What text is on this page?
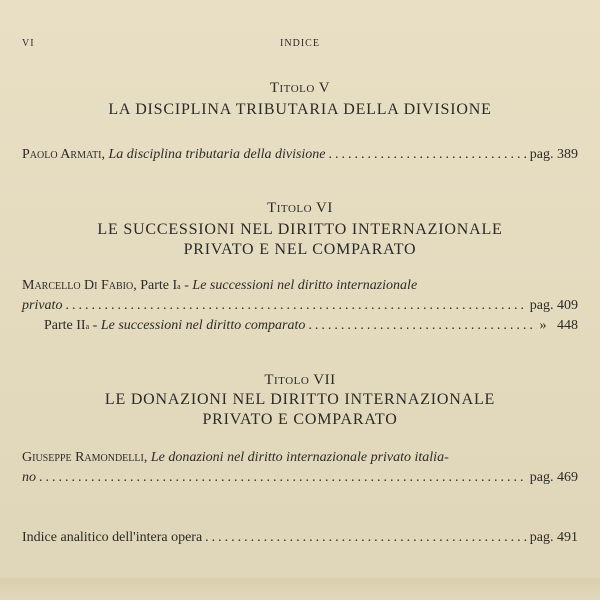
VI	INDICE
Titolo V
LA DISCIPLINA TRIBUTARIA DELLA DIVISIONE
Paolo Armati,
La disciplina tributaria della divisione .....	pag. 389
Titolo VI
LE SUCCESSIONI NEL DIRITTO INTERNAZIONALE
PRIVATO E NEL COMPARATO
Marcello Di Fabio,
Parte I a
-
Le successioni nel diritto internazionale
privato .....	pag. 409
Parte II a
-
Le successioni nel diritto comparato .....	»   448
Titolo VII
LE DONAZIONI NEL DIRITTO INTERNAZIONALE
PRIVATO E COMPARATO
Giuseppe Ramondelli,
Le donazioni nel diritto internazionale privato italia-
no .....	pag. 469
Indice analitico dell'intera opera .....	pag. 491
